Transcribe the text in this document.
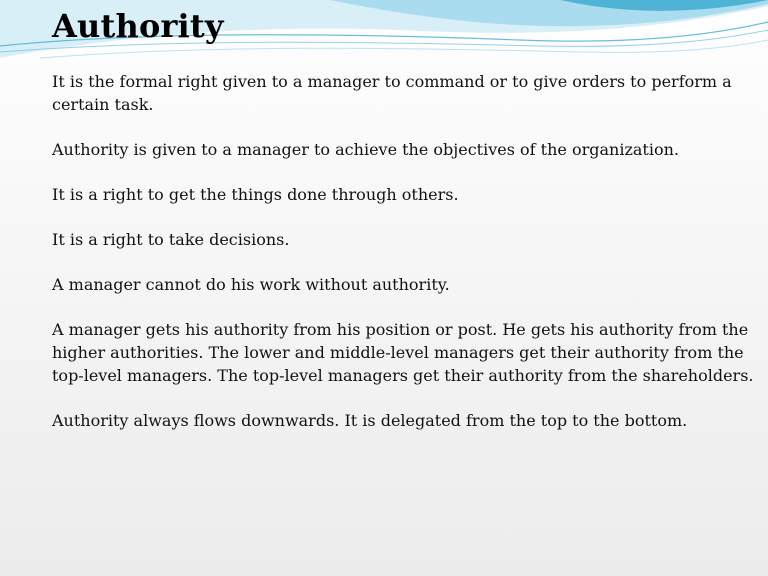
Authority

It is the formal right given to a manager to command or to give orders to perform a certain task.

Authority is given to a manager to achieve the objectives of the organization.

It is a right to get the things done through others.

It is a right to take decisions.

A manager cannot do his work without authority.

A manager gets his authority from his position or post. He gets his authority from the higher authorities. The lower and middle-level managers get their authority from the top-level managers. The top-level managers get their authority from the shareholders.

Authority always flows downwards. It is delegated from the top to the bottom.
